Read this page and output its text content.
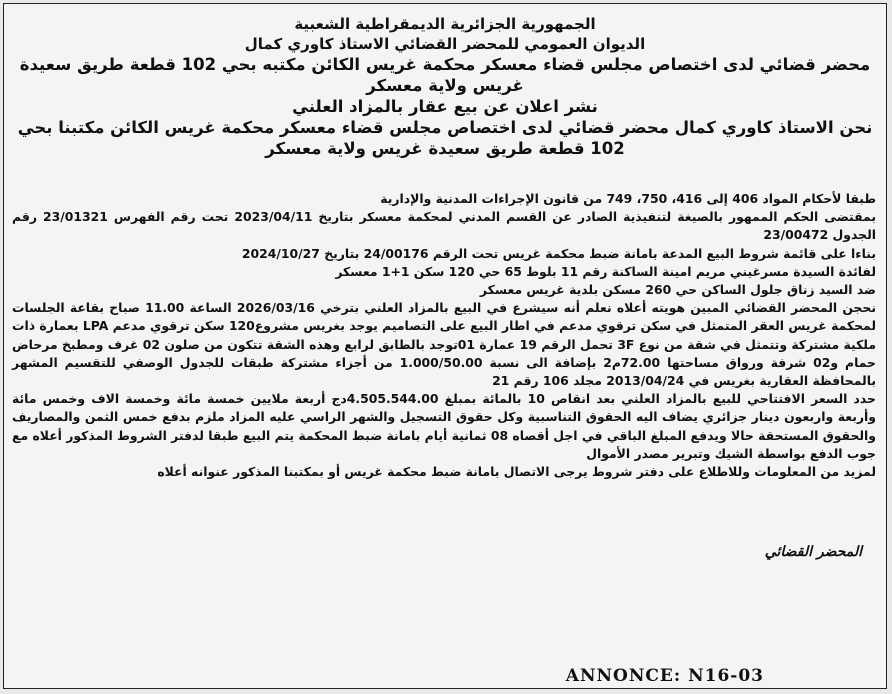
الجمهورية الجزائرية الديمقراطية الشعبية

الديوان العمومي للمحضر القضائي الاستاذ كاوري كمال

محضر قضائي لدى اختصاص مجلس قضاء معسكر محكمة غريس الكائن مكتبه بحي 102 قطعة طريق سعيدة

غريس ولاية معسكر

نشر اعلان عن بيع عقار بالمزاد العلني

نحن الاستاذ كاوري كمال محضر قضائي لدى اختصاص مجلس قضاء معسكر محكمة غريس الكائن مكتبنا بحي

102 قطعة طريق سعيدة غريس ولاية معسكر

طبقا لأحكام المواد 406 إلى 416، 750، 749 من قانون الإجراءات المدنية والإدارية

بمقتضى الحكم الممهور بالصيغة لتنفيذية الصادر عن القسم المدني لمحكمة معسكر بتاريخ 2023/04/11 تحت رقم الفهرس 23/01321 رقم الجدول 23/00472

بناءا على قائمة شروط البيع المدعة بامانة ضبط محكمة غريس تحت الرقم 24/00176 بتاريخ 2024/10/27

لفائدة السيدة مسرغيني مريم امينة الساكنة رقم 11 بلوط 65 حي 120 سكن 1+1 معسكر

ضد السيد زناق جلول الساكن حي 260 مسكن بلدية غريس معسكر

نحجن المحضر القضائي المبين هويته أعلاه نعلم أنه سيشرع في البيع بالمزاد العلني بترخي 2026/03/16 الساعة 11.00 صباح بقاعة الجلسات لمحكمة غريس العقر المتمثل في سكن ترقوي مدعم في اطار البيع على التصاميم يوجد بغريس مشروع120 سكن ترقوي مدعم LPA بعمارة ذات ملكية مشتركة وتتمثل في شقة من نوع 3F تحمل الرقم 19 عمارة 01توجد بالطابق لرابع وهذه الشقة تتكون من صلون 02 غرف ومطبخ مرحاض حمام و02 شرفة ورواق مساحتها 72.00م2 بإضافة الى نسبة 1.000/50.00 من أجزاء مشتركة طبقات للجدول الوصفي للتقسيم المشهر بالمحافظة العقارية بغريس في 2013/04/24 مجلد 106 رقم 21

حدد السعر الافتتاحي للبيع بالمزاد العلني بعد انقاص 10 بالمائة بمبلغ 4.505.544.00دج أربعة ملايين خمسة مائة وخمسة الاف وخمس مائة وأربعة واربعون دينار جزائري يضاف اليه الحقوق التناسبية وكل حقوق التسجيل والشهر الراسي عليه المزاد ملزم بدفع خمس الثمن والمصاريف والحقوق المستحقة حالا ويدفع المبلغ الباقي في اجل أقصاه 08 ثمانية أيام بامانة ضبط المحكمة يتم البيع طبقا لدفتر الشروط المذكور أعلاه مع جوب الدفع بواسطة الشيك وتبرير مصدر الأموال

لمزيد من المعلومات وللاطلاع على دفتر شروط يرجى الاتصال بامانة ضبط محكمة غريس أو بمكتبنا المذكور عنوانه أعلاه

المحضر القضائي
ANNONCE: N16-03
